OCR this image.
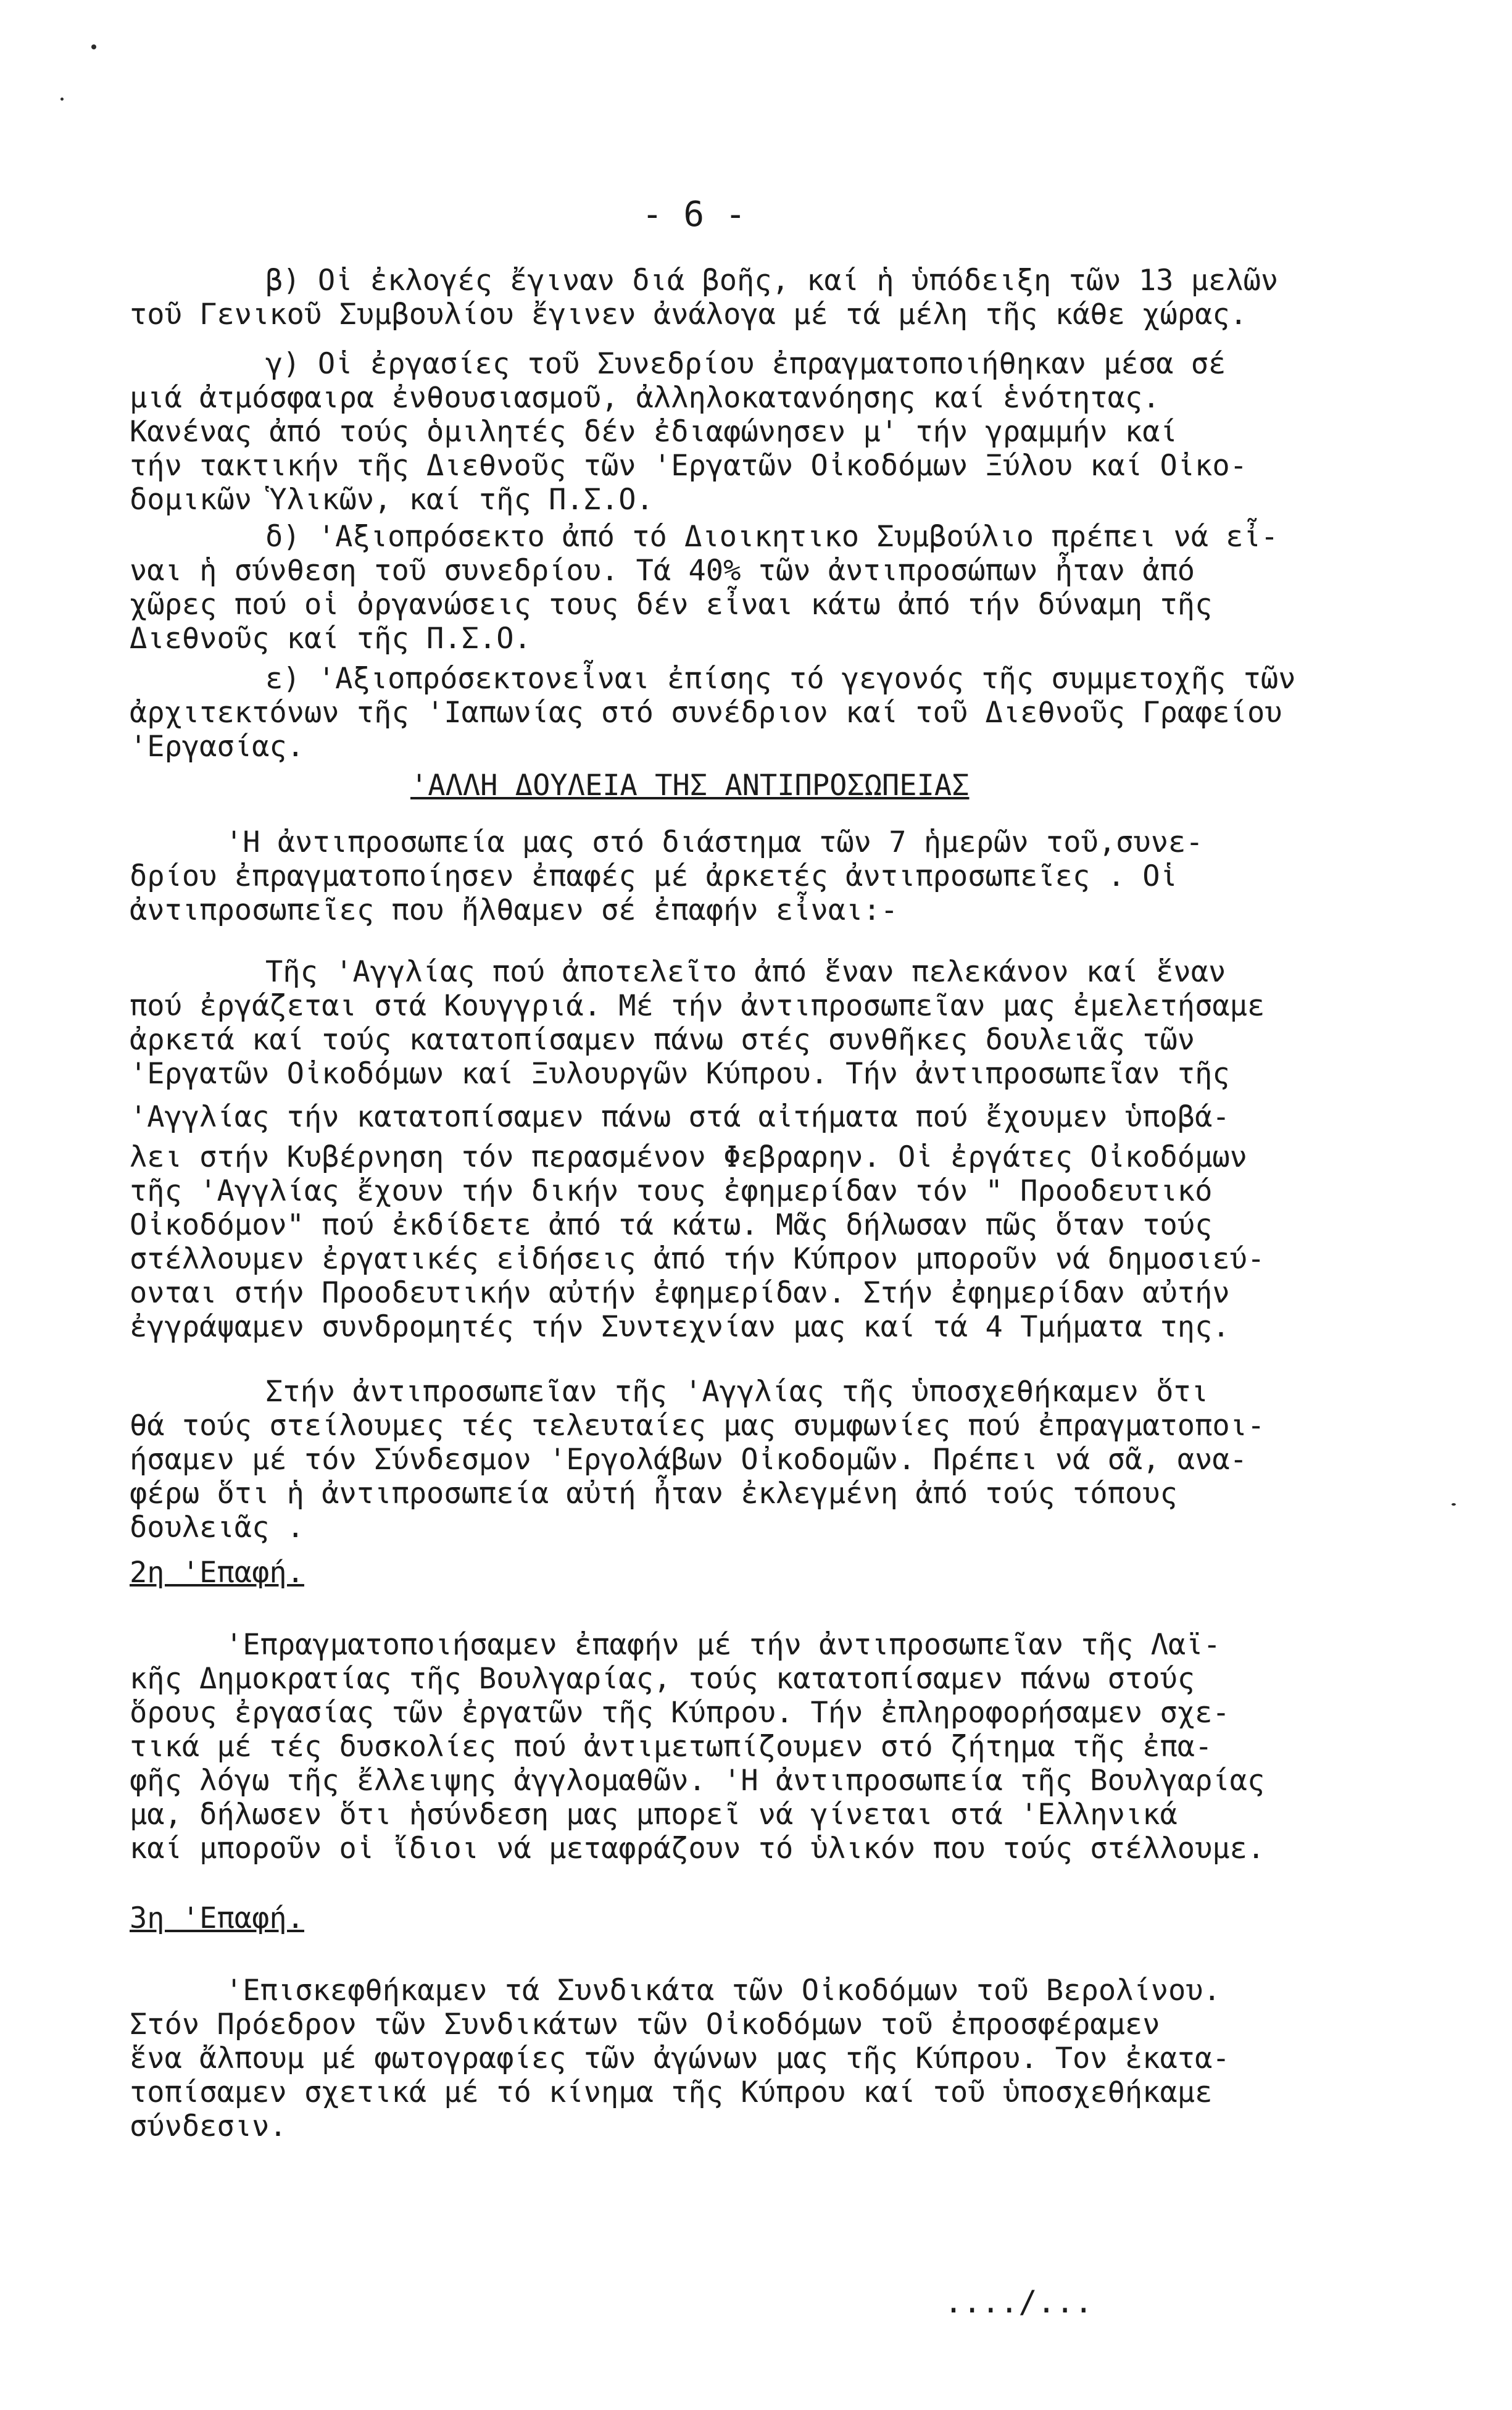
- 6 -
β) Οἱ ἐκλογές ἔγιναν διά βοῆς, καί ἡ ὑπόδειξη τῶν 13 μελῶν
τοῦ Γενικοῦ Συμβουλίου ἔγινεν ἀνάλογα μέ τά μέλη τῆς κάθε χώρας.
γ) Οἱ ἐργασίες τοῦ Συνεδρίου ἐπραγματοποιήθηκαν μέσα σέ
μιά ἀτμόσφαιρα ἐνθουσιασμοῦ, ἀλληλοκατανόησης καί ἑνότητας.
Κανένας ἀπό τούς ὁμιλητές δέν ἐδιαφώνησεν μ' τήν γραμμήν καί
τήν τακτικήν τῆς Διεθνοῦς τῶν 'Εργατῶν Οἰκοδόμων Ξύλου καί Οἰκο-
δομικῶν Ὑλικῶν, καί τῆς Π.Σ.Ο.
δ) 'Αξιοπρόσεκτο ἀπό τό Διοικητικο Συμβούλιο πρέπει νά εἶ-
ναι ἡ σύνθεση τοῦ συνεδρίου. Τά 40% τῶν ἀντιπροσώπων ἦταν ἀπό
χῶρες πού οἱ ὀργανώσεις τους δέν εἶναι κάτω ἀπό τήν δύναμη τῆς
Διεθνοῦς καί τῆς Π.Σ.Ο.
ε) 'Αξιοπρόσεκτονεἶναι ἐπίσης τό γεγονός τῆς συμμετοχῆς τῶν
ἀρχιτεκτόνων τῆς 'Ιαπωνίας στό συνέδριον καί τοῦ Διεθνοῦς Γραφείου
'Εργασίας.
'ΑΛΛΗ ΔΟΥΛΕΙΑ ΤΗΣ ΑΝΤΙΠΡΟΣΩΠΕΙΑΣ
'Η ἀντιπροσωπεία μας στό διάστημα τῶν 7 ἡμερῶν τοῦ,συνε-
δρίου ἐπραγματοποίησεν ἐπαφές μέ ἀρκετές ἀντιπροσωπεῖες . Οἱ
ἀντιπροσωπεῖες που ἤλθαμεν σέ ἐπαφήν εἶναι:-
Τῆς 'Αγγλίας πού ἀποτελεῖτο ἀπό ἕναν πελεκάνον καί ἕναν
πού ἐργάζεται στά Κουγγριά. Μέ τήν ἀντιπροσωπεῖαν μας ἐμελετήσαμε
ἀρκετά καί τούς κατατοπίσαμεν πάνω στές συνθῆκες δουλειᾶς τῶν
'Εργατῶν Οἰκοδόμων καί Ξυλουργῶν Κύπρου. Τήν ἀντιπροσωπεῖαν τῆς
'Αγγλίας τήν κατατοπίσαμεν πάνω στά αἰτήματα πού ἔχουμεν ὑποβά-
λει στήν Κυβέρνηση τόν περασμένον Φεβραρην. Οἱ ἐργάτες Οἰκοδόμων
τῆς 'Αγγλίας ἔχουν τήν δικήν τους ἐφημερίδαν τόν " Προοδευτικό
Οἰκοδόμον" πού ἐκδίδετε ἀπό τά κάτω. Μᾶς δήλωσαν πῶς ὅταν τούς
στέλλουμεν ἐργατικές εἰδήσεις ἀπό τήν Κύπρον μποροῦν νά δημοσιεύ-
ονται στήν Προοδευτικήν αὐτήν ἐφημερίδαν. Στήν ἐφημερίδαν αὐτήν
ἐγγράψαμεν συνδρομητές τήν Συντεχνίαν μας καί τά 4 Τμήματα της.
Στήν ἀντιπροσωπεῖαν τῆς 'Αγγλίας τῆς ὑποσχεθήκαμεν ὅτι
θά τούς στείλουμες τές τελευταίες μας συμφωνίες πού ἐπραγματοποι-
ήσαμεν μέ τόν Σύνδεσμον 'Εργολάβων Οἰκοδομῶν. Πρέπει νά σᾶ, ανα-
φέρω ὅτι ἡ ἀντιπροσωπεία αὐτή ἦταν ἐκλεγμένη ἀπό τούς τόπους
δουλειᾶς .
2η 'Επαφή.
'Επραγματοποιήσαμεν ἐπαφήν μέ τήν ἀντιπροσωπεῖαν τῆς Λαϊ-
κῆς Δημοκρατίας τῆς Βουλγαρίας, τούς κατατοπίσαμεν πάνω στούς
ὅρους ἐργασίας τῶν ἐργατῶν τῆς Κύπρου. Τήν ἐπληροφορήσαμεν σχε-
τικά μέ τές δυσκολίες πού ἀντιμετωπίζουμεν στό ζήτημα τῆς ἐπα-
φῆς λόγω τῆς ἔλλειψης ἀγγλομαθῶν. 'Η ἀντιπροσωπεία τῆς Βουλγαρίας
μα, δήλωσεν ὅτι ἡσύνδεση μας μπορεῖ νά γίνεται στά 'Ελληνικά
καί μποροῦν οἱ ἴδιοι νά μεταφράζουν τό ὑλικόν που τούς στέλλουμε.
3η 'Επαφή.
'Επισκεφθήκαμεν τά Συνδικάτα τῶν Οἰκοδόμων τοῦ Βερολίνου.
Στόν Πρόεδρον τῶν Συνδικάτων τῶν Οἰκοδόμων τοῦ ἐπροσφέραμεν
ἕνα ἄλπουμ μέ φωτογραφίες τῶν ἀγώνων μας τῆς Κύπρου. Τον ἐκατα-
τοπίσαμεν σχετικά μέ τό κίνημα τῆς Κύπρου καί τοῦ ὑποσχεθήκαμε
σύνδεσιν.
..../...
